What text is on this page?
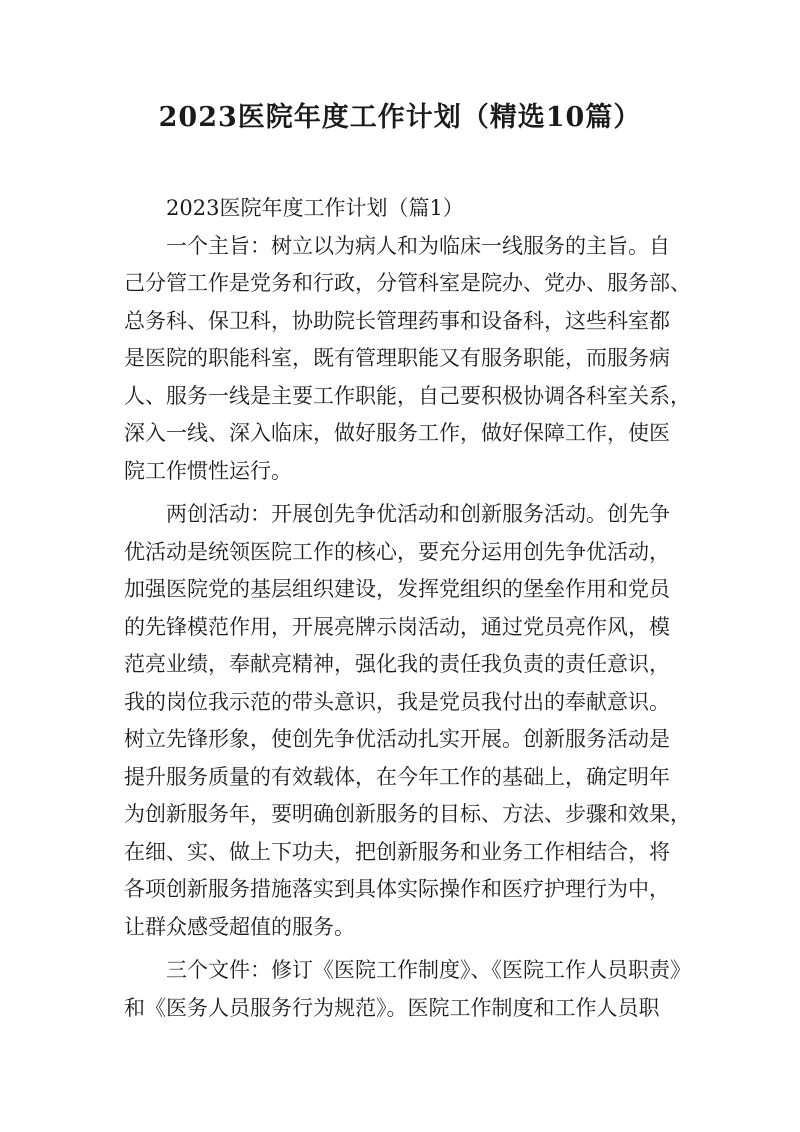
2023医院年度工作计划（精选10篇）
2023医院年度工作计划（篇1）
一个主旨：树立以为病人和为临床一线服务的主旨。自
己分管工作是党务和行政，分管科室是院办、党办、服务部、
总务科、保卫科，协助院长管理药事和设备科，这些科室都
是医院的职能科室，既有管理职能又有服务职能，而服务病
人、服务一线是主要工作职能，自己要积极协调各科室关系，
深入一线、深入临床，做好服务工作，做好保障工作，使医
院工作惯性运行。
两创活动：开展创先争优活动和创新服务活动。创先争
优活动是统领医院工作的核心，要充分运用创先争优活动，
加强医院党的基层组织建设，发挥党组织的堡垒作用和党员
的先锋模范作用，开展亮牌示岗活动，通过党员亮作风，模
范亮业绩，奉献亮精神，强化我的责任我负责的责任意识，
我的岗位我示范的带头意识，我是党员我付出的奉献意识。
树立先锋形象，使创先争优活动扎实开展。创新服务活动是
提升服务质量的有效载体，在今年工作的基础上，确定明年
为创新服务年，要明确创新服务的目标、方法、步骤和效果，
在细、实、做上下功夫，把创新服务和业务工作相结合，将
各项创新服务措施落实到具体实际操作和医疗护理行为中，
让群众感受超值的服务。
三个文件：修订《医院工作制度》、《医院工作人员职责》
和《医务人员服务行为规范》。医院工作制度和工作人员职
